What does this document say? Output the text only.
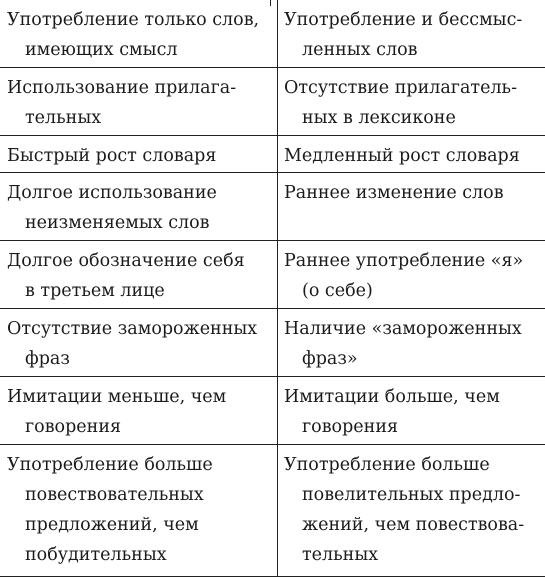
Употребление только слов,
имеющих смысл	Употребление и бессмыс-
ленных слов

Использование прилага-
тельных	Отсутствие прилагатель-
ных в лексиконе

Быстрый рост словаря	Медленный рост словаря

Долгое использование
неизменяемых слов	Раннее изменение слов

Долгое обозначение себя
в третьем лице	Раннее употребление «я»
(о себе)

Отсутствие замороженных
фраз	Наличие «замороженных
фраз»

Имитации меньше, чем
говорения	Имитации больше, чем
говорения

Употребление больше
повествовательных
предложений, чем
побудительных	Употребление больше
повелительных предло-
жений, чем повествова-
тельных
